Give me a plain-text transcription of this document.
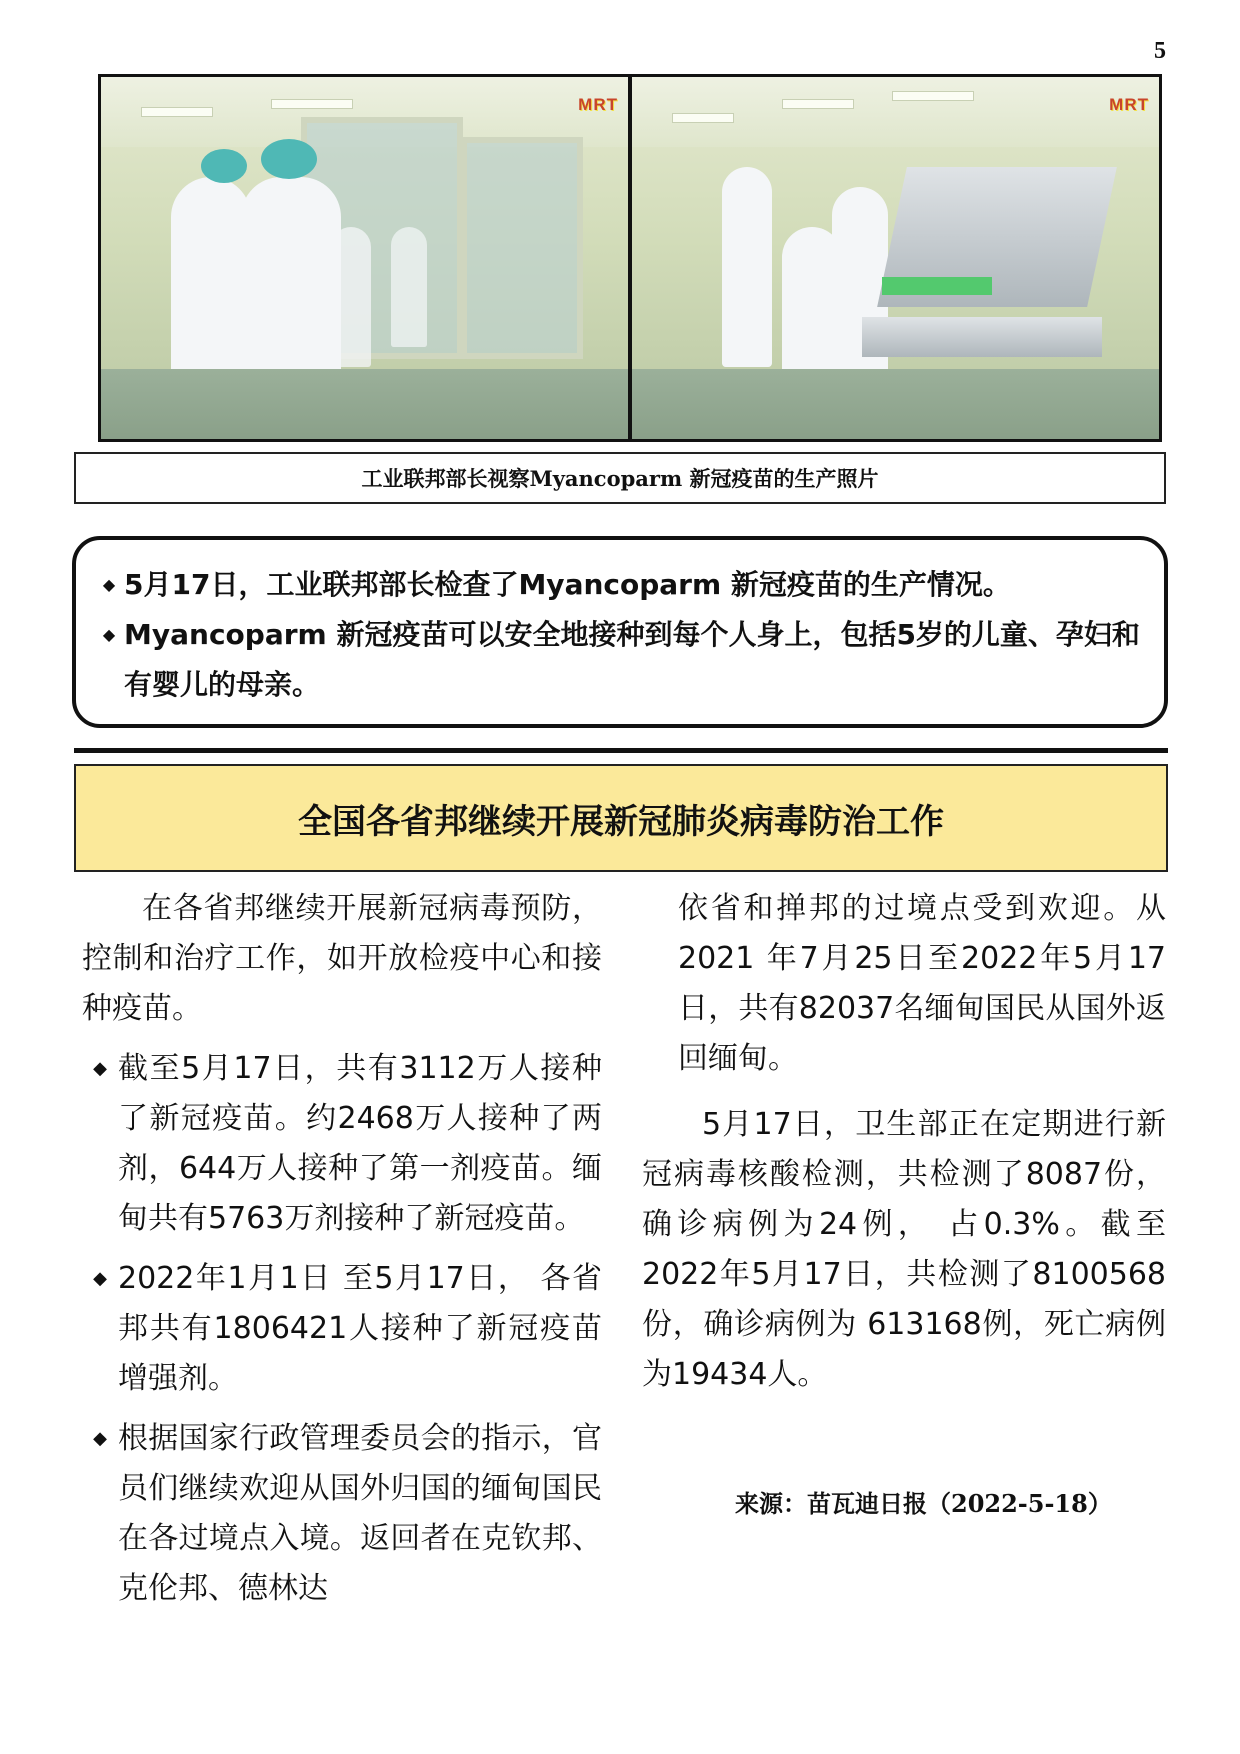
5
MRT	MRT
工业联邦部长视察Myancoparm 新冠疫苗的生产照片
◆ 5月17日，工业联邦部长检查了Myancoparm 新冠疫苗的生产情况。
◆ Myancoparm 新冠疫苗可以安全地接种到每个人身上，包括5岁的儿童、孕妇和有婴儿的母亲。
全国各省邦继续开展新冠肺炎病毒防治工作

在各省邦继续开展新冠病毒预防，控制和治疗工作，如开放检疫中心和接种疫苗。

◆ 截至5月17日，共有3112万人接种了新冠疫苗。约2468万人接种了两剂，644万人接种了第一剂疫苗。缅甸共有5763万剂接种了新冠疫苗。

◆ 2022年1月1日 至5月17日， 各省邦共有1806421人接种了新冠疫苗增强剂。

◆ 根据国家行政管理委员会的指示，官员们继续欢迎从国外归国的缅甸国民在各过境点入境。返回者在克钦邦、克伦邦、德林达

依省和掸邦的过境点受到欢迎。从2021 年7月25日至2022年5月17日，共有82037名缅甸国民从国外返回缅甸。

5月17日，卫生部正在定期进行新冠病毒核酸检测，共检测了8087份， 确诊病例为24例， 占0.3%。截至2022年5月17日，共检测了8100568份，确诊病例为 613168例，死亡病例为19434人。

来源：苗瓦迪日报（2022-5-18）
